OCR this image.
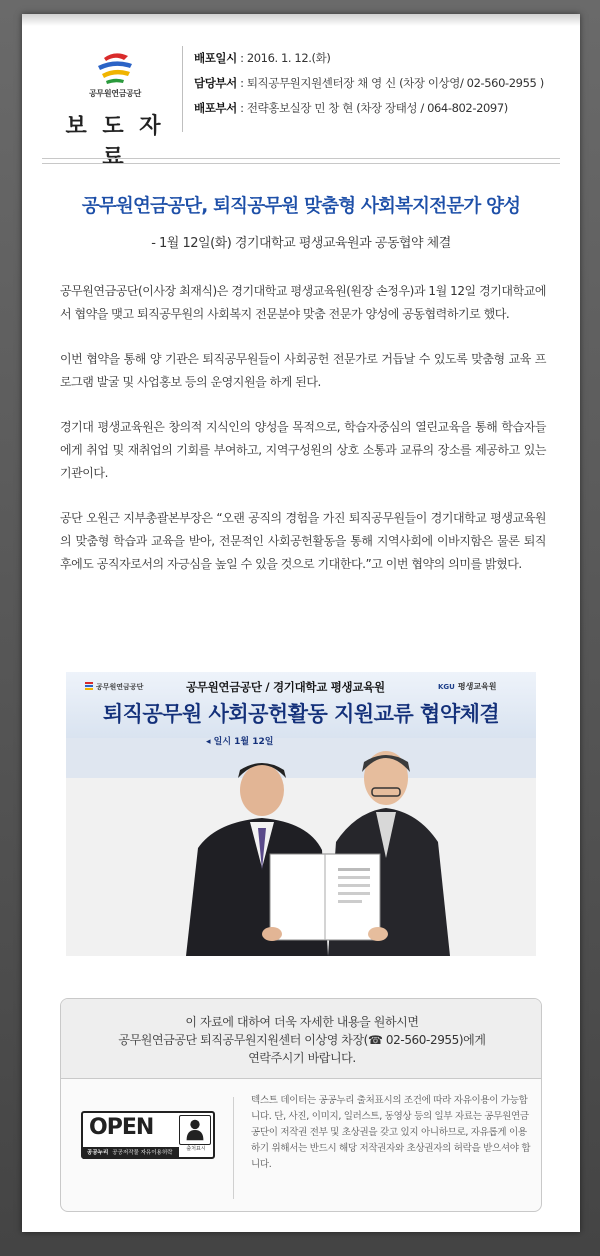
공무원연금공단
보 도 자 료
배포일시 : 2016. 1. 12.(화)
담당부서 : 퇴직공무원지원센터장 채 영 신 (차장 이상영/ 02-560-2955 )
배포부서 : 전략홍보실장 민 창 현 (차장 장태성 / 064-802-2097)
공무원연금공단, 퇴직공무원 맞춤형 사회복지전문가 양성
- 1월 12일(화) 경기대학교 평생교육원과 공동협약 체결

공무원연금공단(이사장 최재식)은 경기대학교 평생교육원(원장 손정우)과 1월 12일 경기대학교에서 협약을 맺고 퇴직공무원의 사회복지 전문분야 맞춤 전문가 양성에 공동협력하기로 했다.

이번 협약을 통해 양 기관은 퇴직공무원들이 사회공헌 전문가로 거듭날 수 있도록 맞춤형 교육 프로그램 발굴 및 사업홍보 등의 운영지원을 하게 된다.

경기대 평생교육원은 창의적 지식인의 양성을 목적으로, 학습자중심의 열린교육을 통해 학습자들에게 취업 및 재취업의 기회를 부여하고, 지역구성원의 상호 소통과 교류의 장소를 제공하고 있는 기관이다.

공단 오원근 지부총괄본부장은 “오랜 공직의 경험을 가진 퇴직공무원들이 경기대학교 평생교육원의 맞춤형 학습과 교육을 받아, 전문적인 사회공헌활동을 통해 지역사회에 이바지함은 물론 퇴직 후에도 공직자로서의 자긍심을 높일 수 있을 것으로 기대한다.”고 이번 협약의 의미를 밝혔다.

공무원연금공단	공무원연금공단 / 경기대학교 평생교육원	KGU 평생교육원
퇴직공무원 사회공헌활동 지원교류 협약체결
◂ 일시 1월 12일
이 자료에 대하여 더욱 자세한 내용을 원하시면
공무원연금공단 퇴직공무원지원센터 이상영 차장(☎ 02-560-2955)에게
연락주시기 바랍니다.
OPEN
출처표시
공공누리 공공저작물 자유이용허락
텍스트 데이터는 공공누리 출처표시의 조건에 따라 자유이용이 가능합니다. 단, 사진, 이미지, 일러스트, 동영상 등의 일부 자료는 공무원연금공단이 저작권 전부 및 초상권을 갖고 있지 아니하므로, 자유롭게 이용하기 위해서는 반드시 해당 저작권자와 초상권자의 허락을 받으셔야 합니다.
